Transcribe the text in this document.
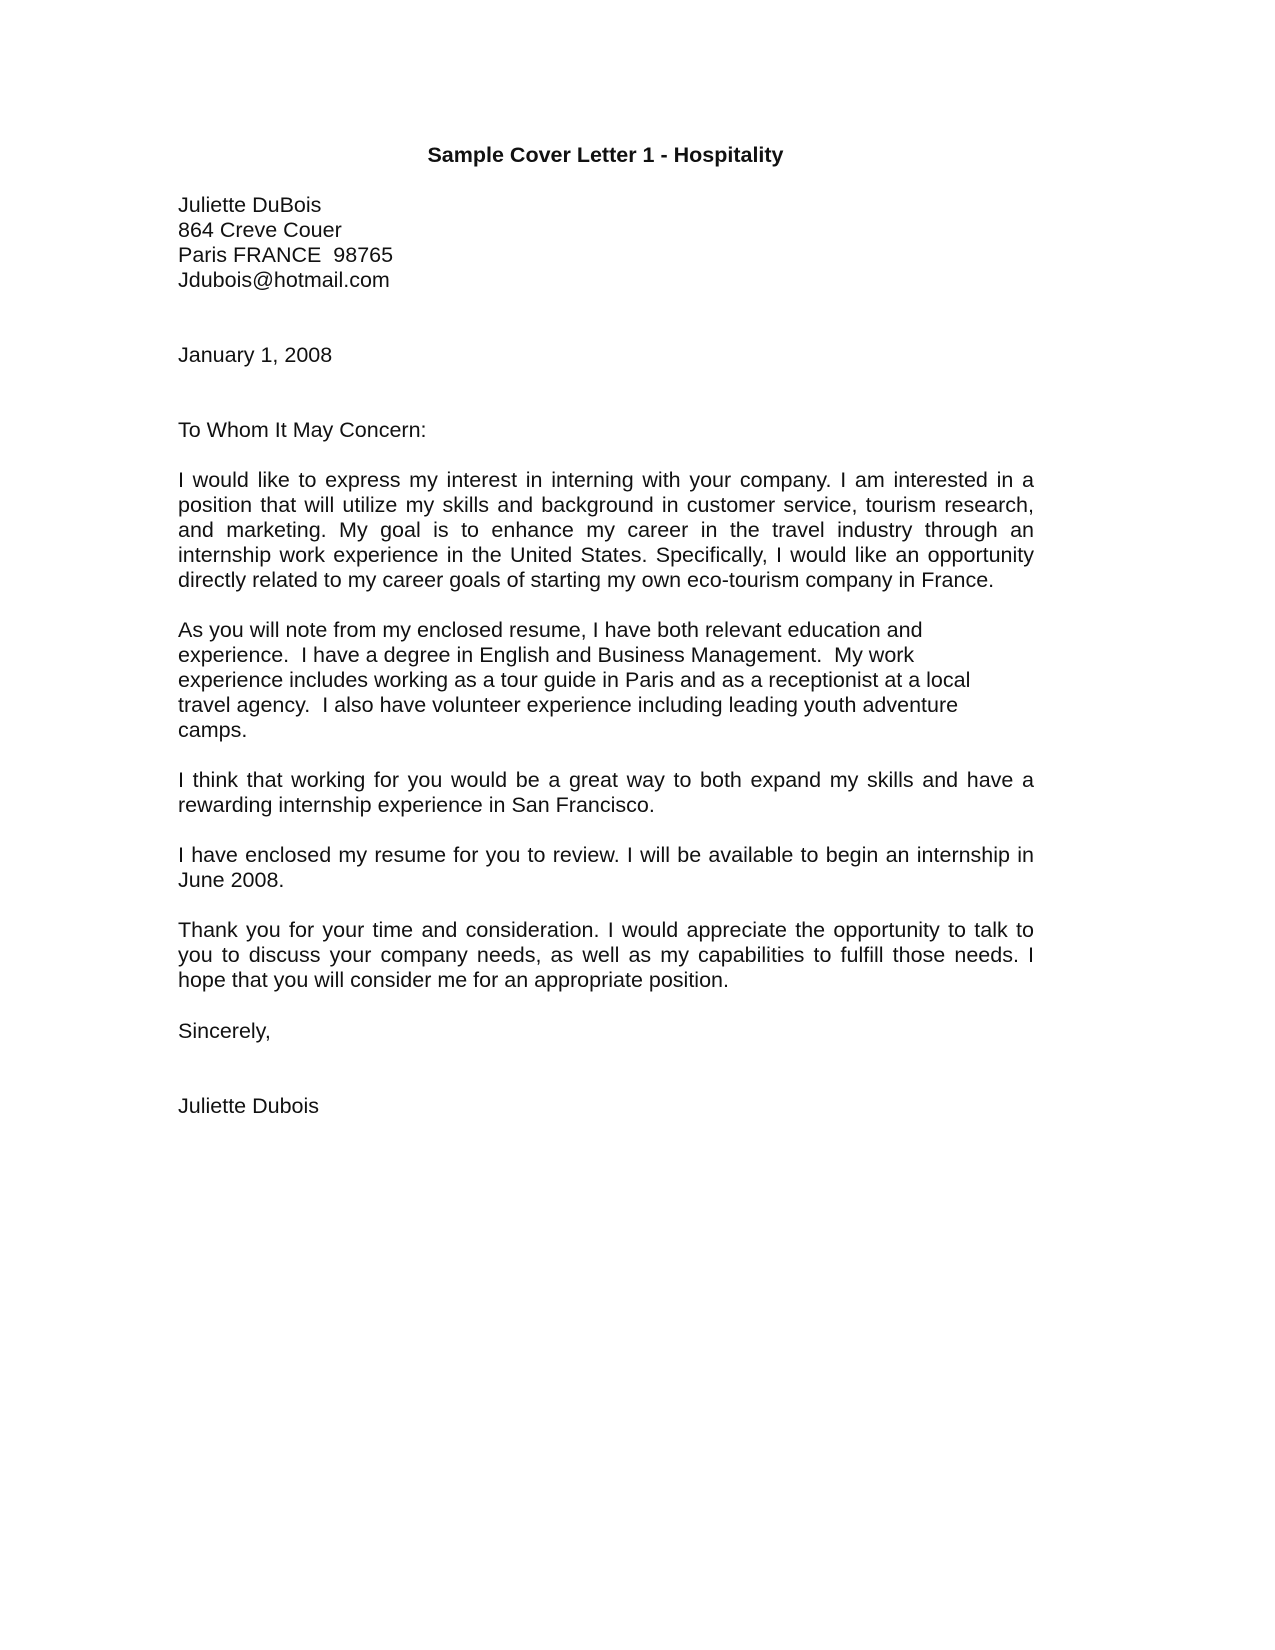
Sample Cover Letter 1 - Hospitality
Juliette DuBois
864 Creve Couer
Paris FRANCE  98765
Jdubois@hotmail.com
January 1, 2008
To Whom It May Concern:
I would like to express my interest in interning with your company. I am interested in a
position that will utilize my skills and background in customer service, tourism research,
and marketing. My goal is to enhance my career in the travel industry through an
internship work experience in the United States. Specifically, I would like an opportunity
directly related to my career goals of starting my own eco-tourism company in France.
As you will note from my enclosed resume, I have both relevant education and
experience.  I have a degree in English and Business Management.  My work
experience includes working as a tour guide in Paris and as a receptionist at a local
travel agency.  I also have volunteer experience including leading youth adventure
camps.
I think that working for you would be a great way to both expand my skills and have a
rewarding internship experience in San Francisco.
I have enclosed my resume for you to review. I will be available to begin an internship in
June 2008.
Thank you for your time and consideration. I would appreciate the opportunity to talk to
you to discuss your company needs, as well as my capabilities to fulfill those needs. I
hope that you will consider me for an appropriate position.
Sincerely,
Juliette Dubois
